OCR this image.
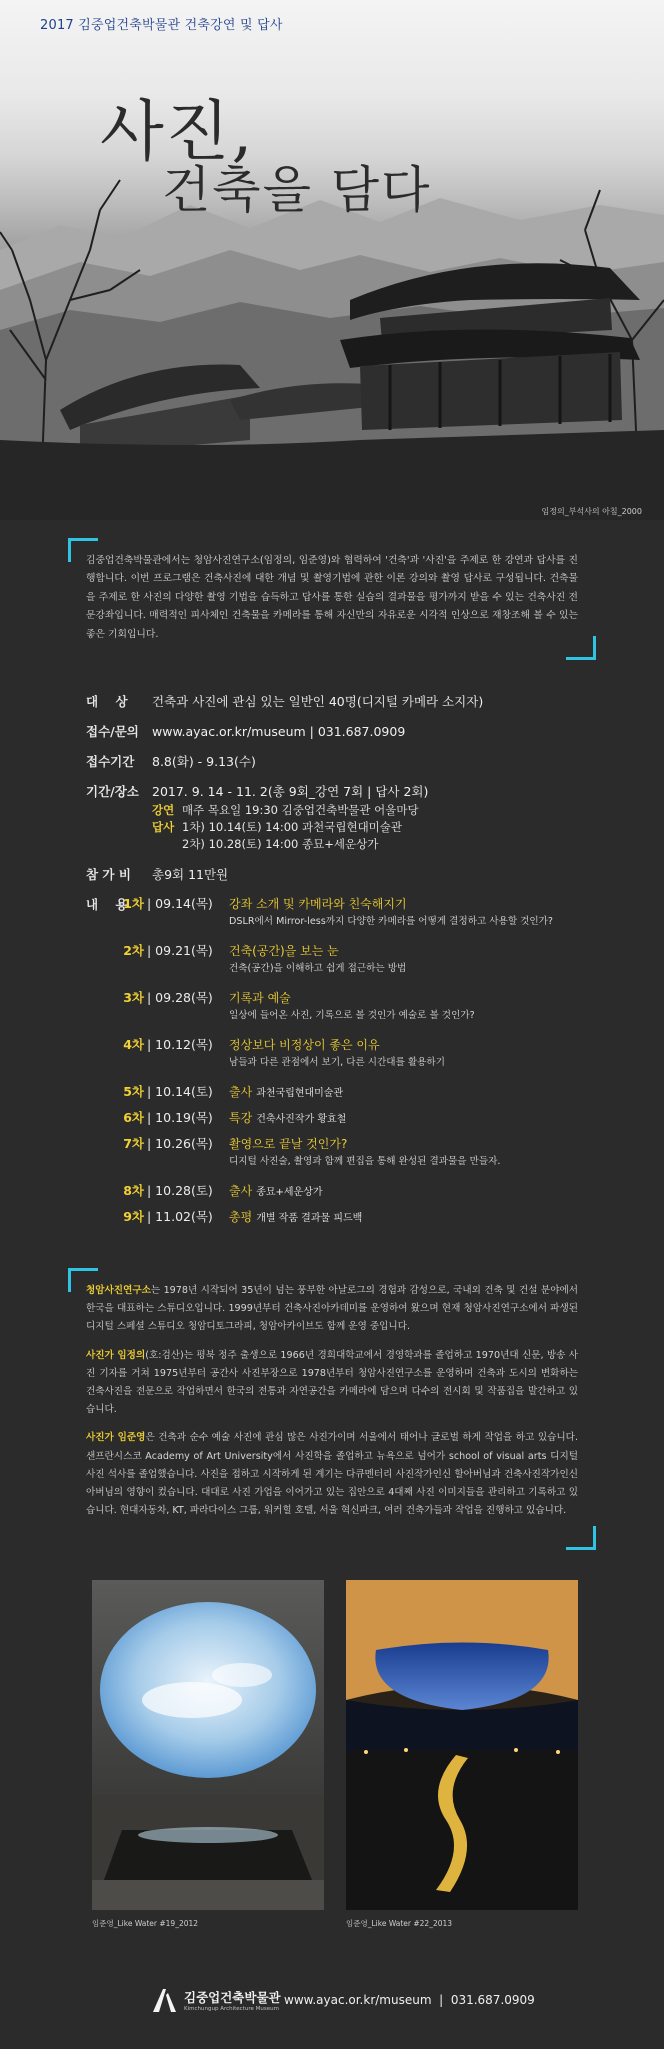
2017 김중업건축박물관 건축강연 및 답사
사진,
건축을 담다
임정의_부석사의 아침_2000

김중업건축박물관에서는 청암사진연구소(임정의, 임준영)와 협력하여 '건축'과 '사진'을 주제로 한 강연과 답사를 진행합니다. 이번 프로그램은 건축사진에 대한 개념 및 촬영기법에 관한 이론 강의와 촬영 답사로 구성됩니다. 건축물을 주제로 한 사진의 다양한 촬영 기법을 습득하고 답사를 통한 실습의 결과물을 평가까지 받을 수 있는 건축사진 전문강좌입니다. 매력적인 피사체인 건축물을 카메라를 통해 자신만의 자유로운 시각적 인상으로 재창조해 볼 수 있는 좋은 기회입니다.

대    상	건축과 사진에 관심 있는 일반인 40명(디지털 카메라 소지자)
접수/문의	www.ayac.or.kr/museum | 031.687.0909
접수기간	8.8(화) - 9.13(수)
기간/장소	2017. 9. 14 - 11. 2(총 9회_강연 7회 | 답사 2회)
강연 매주 목요일 19:30 김중업건축박물관 어울마당
답사 1차) 10.14(토) 14:00 과천국립현대미술관
2차) 10.28(토) 14:00 종묘+세운상가
참 가 비	총9회 11만원
내    용
1차 | 09.14(목)	강좌 소개 및 카메라와 친숙해지기
DSLR에서 Mirror-less까지 다양한 카메라를 어떻게 결정하고 사용할 것인가?
2차 | 09.21(목)	건축(공간)을 보는 눈
건축(공간)을 이해하고 쉽게 접근하는 방법
3차 | 09.28(목)	기록과 예술
일상에 들어온 사진, 기록으로 볼 것인가 예술로 볼 것인가?
4차 | 10.12(목)	정상보다 비정상이 좋은 이유
남들과 다른 관점에서 보기, 다른 시간대를 활용하기
5차 | 10.14(토)	출사 과천국립현대미술관
6차 | 10.19(목)	특강 건축사진작가 황효철
7차 | 10.26(목)	촬영으로 끝날 것인가?
디지털 사진술, 촬영과 함께 편집을 통해 완성된 결과물을 만들자.
8차 | 10.28(토)	출사 종묘+세운상가
9차 | 11.02(목)	총평 개별 작품 결과물 피드백

청암사진연구소는 1978년 시작되어 35년이 넘는 풍부한 아날로그의 경험과 감성으로, 국내외 건축 및 건설 분야에서 한국을 대표하는 스튜디오입니다. 1999년부터 건축사진아카데미를 운영하여 왔으며 현재 청암사진연구소에서 파생된 디지털 스페셜 스튜디오 청암디토그라피, 청암아카이브도 함께 운영 중입니다.

사진가 임정의(호:검산)는 평북 정주 출생으로 1966년 경희대학교에서 경영학과를 졸업하고 1970년대 신문, 방송 사진 기자를 거쳐 1975년부터 공간사 사진부장으로 1978년부터 청암사진연구소를 운영하며 건축과 도시의 변화하는 건축사진을 전문으로 작업하면서 한국의 전통과 자연공간을 카메라에 담으며 다수의 전시회 및 작품집을 발간하고 있습니다.

사진가 임준영은 건축과 순수 예술 사진에 관심 많은 사진가이며 서울에서 태어나 글로벌 하게 작업을 하고 있습니다. 샌프란시스코 Academy of Art University에서 사진학을 졸업하고 뉴욕으로 넘어가 school of visual arts 디지털 사진 석사를 졸업했습니다. 사진을 접하고 시작하게 된 계기는 다큐멘터리 사진작가인신 할아버님과 건축사진작가인신 아버님의 영향이 컸습니다. 대대로 사진 가업을 이어가고 있는 집안으로 4대째 사진 이미지들을 관리하고 기록하고 있습니다. 현대자동차, KT, 파라다이스 그룹, 워커힐 호텔, 서울 혁신파크, 여러 건축가들과 작업을 진행하고 있습니다.

임준영_Like Water #19_2012	임준영_Like Water #22_2013
김중업건축박물관
Kimchungup Architecture Museum
www.ayac.or.kr/museum  |  031.687.0909
